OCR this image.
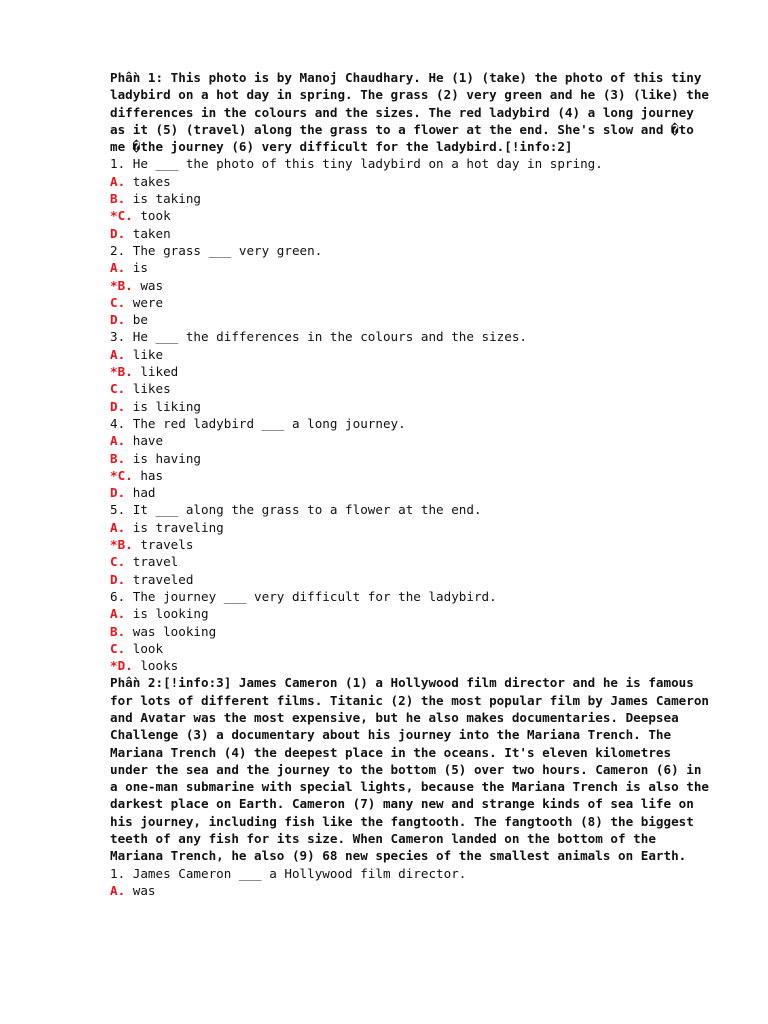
Phần 1: This photo is by Manoj Chaudhary. He (1) (take) the photo of this tiny ladybird on a hot day in spring. The grass (2) very green and he (3) (like) the differences in the colours and the sizes. The red ladybird (4) a long journey as it (5) (travel) along the grass to a flower at the end. She's slow and �to me �the journey (6) very difficult for the ladybird.[!info:2]

1. He ___ the photo of this tiny ladybird on a hot day in spring.

A. takes

B. is taking

*C. took

D. taken

2. The grass ___ very green.

A. is

*B. was

C. were

D. be

3. He ___ the differences in the colours and the sizes.

A. like

*B. liked

C. likes

D. is liking

4. The red ladybird ___ a long journey.

A. have

B. is having

*C. has

D. had

5. It ___ along the grass to a flower at the end.

A. is traveling

*B. travels

C. travel

D. traveled

6. The journey ___ very difficult for the ladybird.

A. is looking

B. was looking

C. look

*D. looks

Phần 2:[!info:3] James Cameron (1) a Hollywood film director and he is famous for lots of different films. Titanic (2) the most popular film by James Cameron and Avatar was the most expensive, but he also makes documentaries. Deepsea Challenge (3) a documentary about his journey into the Mariana Trench. The Mariana Trench (4) the deepest place in the oceans. It's eleven kilometres under the sea and the journey to the bottom (5) over two hours. Cameron (6) in a one-man submarine with special lights, because the Mariana Trench is also the darkest place on Earth. Cameron (7) many new and strange kinds of sea life on his journey, including fish like the fangtooth. The fangtooth (8) the biggest teeth of any fish for its size. When Cameron landed on the bottom of the Mariana Trench, he also (9) 68 new species of the smallest animals on Earth.

1. James Cameron ___ a Hollywood film director.

A. was
